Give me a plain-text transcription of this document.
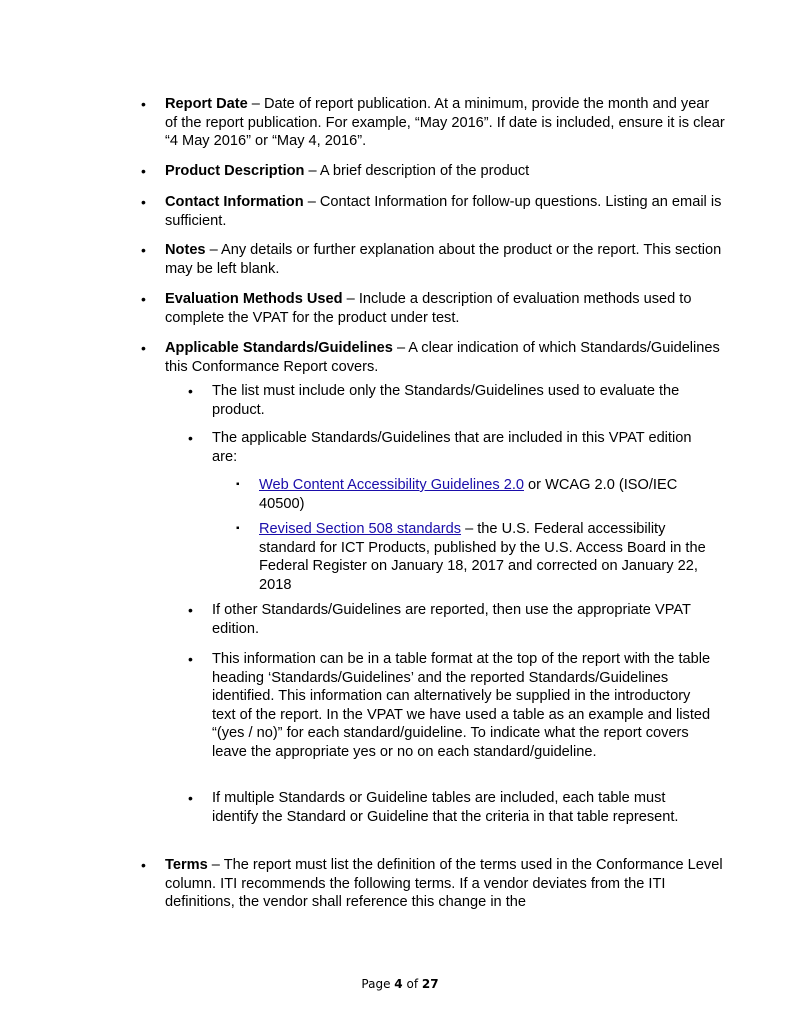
• Report Date – Date of report publication. At a minimum, provide the month and year of the report publication. For example, “May 2016”. If date is included, ensure it is clear “4 May 2016” or “May 4, 2016”.
• Product Description – A brief description of the product
• Contact Information – Contact Information for follow-up questions. Listing an email is sufficient.
• Notes – Any details or further explanation about the product or the report. This section may be left blank.
• Evaluation Methods Used – Include a description of evaluation methods used to complete the VPAT for the product under test.
• Applicable Standards/Guidelines – A clear indication of which Standards/Guidelines this Conformance Report covers.
• The list must include only the Standards/Guidelines used to evaluate the product.
• The applicable Standards/Guidelines that are included in this VPAT edition are:
▪ Web Content Accessibility Guidelines 2.0 or WCAG 2.0 (ISO/IEC 40500)
▪ Revised Section 508 standards – the U.S. Federal accessibility standard for ICT Products, published by the U.S. Access Board in the Federal Register on January 18, 2017 and corrected on January 22, 2018
• If other Standards/Guidelines are reported, then use the appropriate VPAT edition.
• This information can be in a table format at the top of the report with the table heading ‘Standards/Guidelines’ and the reported Standards/Guidelines identified. This information can alternatively be supplied in the introductory text of the report. In the VPAT we have used a table as an example and listed “(yes / no)” for each standard/guideline. To indicate what the report covers leave the appropriate yes or no on each standard/guideline.
• If multiple Standards or Guideline tables are included, each table must identify the Standard or Guideline that the criteria in that table represent.
• Terms – The report must list the definition of the terms used in the Conformance Level column. ITI recommends the following terms. If a vendor deviates from the ITI definitions, the vendor shall reference this change in the
Page 4 of 27
